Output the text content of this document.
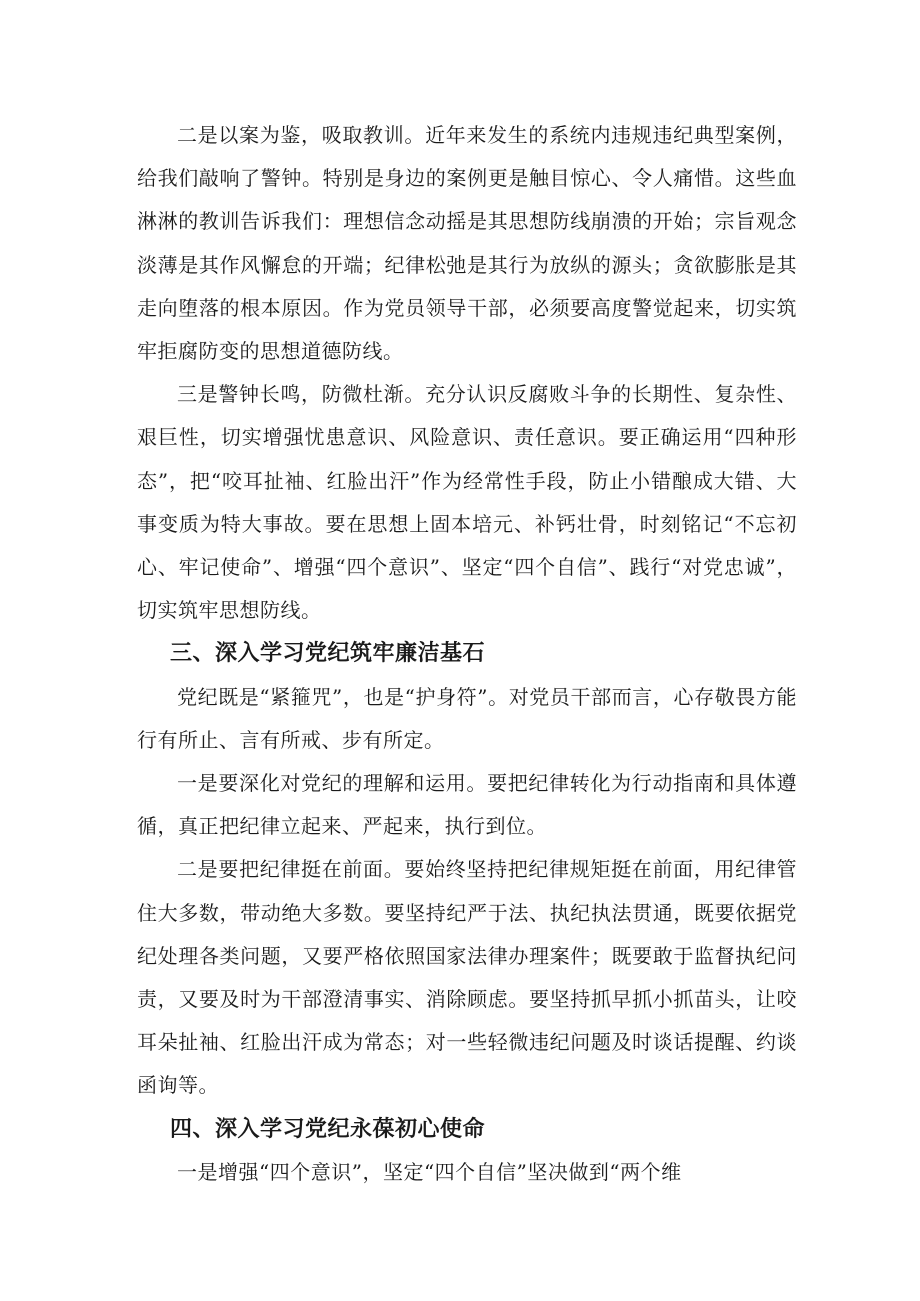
二是以案为鉴，吸取教训。近年来发生的系统内违规违纪典型案例，给我们敲响了警钟。特别是身边的案例更是触目惊心、令人痛惜。这些血淋淋的教训告诉我们：理想信念动摇是其思想防线崩溃的开始；宗旨观念淡薄是其作风懈怠的开端；纪律松弛是其行为放纵的源头；贪欲膨胀是其走向堕落的根本原因。作为党员领导干部，必须要高度警觉起来，切实筑牢拒腐防变的思想道德防线。

三是警钟长鸣，防微杜渐。充分认识反腐败斗争的长期性、复杂性、艰巨性，切实增强忧患意识、风险意识、责任意识。要正确运用“四种形态”，把“咬耳扯袖、红脸出汗”作为经常性手段，防止小错酿成大错、大事变质为特大事故。要在思想上固本培元、补钙壮骨，时刻铭记“不忘初心、牢记使命”、增强“四个意识”、坚定“四个自信”、践行“对党忠诚”，切实筑牢思想防线。

三、深入学习党纪筑牢廉洁基石

党纪既是“紧箍咒”，也是“护身符”。对党员干部而言，心存敬畏方能行有所止、言有所戒、步有所定。

一是要深化对党纪的理解和运用。要把纪律转化为行动指南和具体遵循，真正把纪律立起来、严起来，执行到位。

二是要把纪律挺在前面。要始终坚持把纪律规矩挺在前面，用纪律管住大多数，带动绝大多数。要坚持纪严于法、执纪执法贯通，既要依据党纪处理各类问题，又要严格依照国家法律办理案件；既要敢于监督执纪问责，又要及时为干部澄清事实、消除顾虑。要坚持抓早抓小抓苗头，让咬耳朵扯袖、红脸出汗成为常态；对一些轻微违纪问题及时谈话提醒、约谈函询等。

四、深入学习党纪永葆初心使命

一是增强“四个意识”，坚定“四个自信”坚决做到“两个维
